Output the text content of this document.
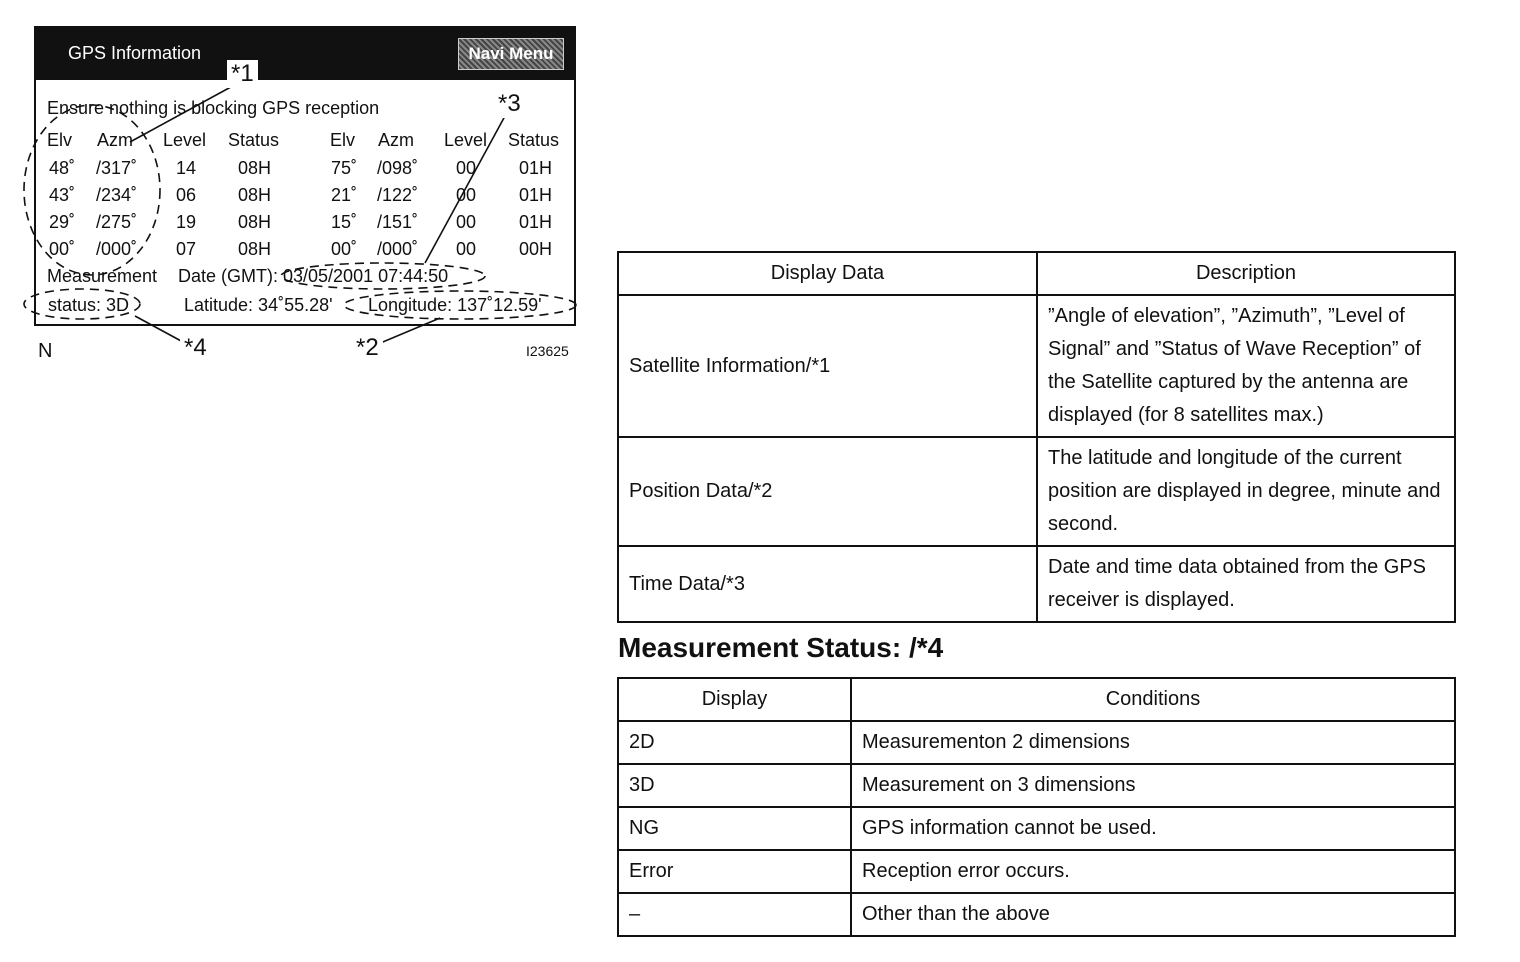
GPS Information	Navi Menu
Ensure nothing is blocking GPS reception
Elv Azm Level Status	Elv Azm Level Status
48˚ /317˚ 14 08H	75˚ /098˚ 00 01H
43˚ /234˚ 06 08H	21˚ /122˚ 00 01H
29˚ /275˚ 19 08H	15˚ /151˚ 00 01H
00˚ /000˚ 07 08H	00˚ /000˚ 00 00H
Measurement Date (GMT): 03/05/2001 07:44:50
status: 3D	Latitude: 34˚55.28' Longitude: 137˚12.59'
*1
*3
*4	*2
N	I23625
Display Data	Description
Satellite Information/*1	”Angle of elevation”, ”Azimuth”, ”Level of Signal” and ”Status of Wave Reception” of the Satellite captured by the antenna are displayed (for 8 satellites max.)
Position Data/*2	The latitude and longitude of the current position are displayed in degree, minute and second.
Time Data/*3	Date and time data obtained from the GPS receiver is displayed.
Measurement Status: /*4
Display	Conditions
2D	Measurementon 2 dimensions
3D	Measurement on 3 dimensions
NG	GPS information cannot be used.
Error	Reception error occurs.
–	Other than the above
